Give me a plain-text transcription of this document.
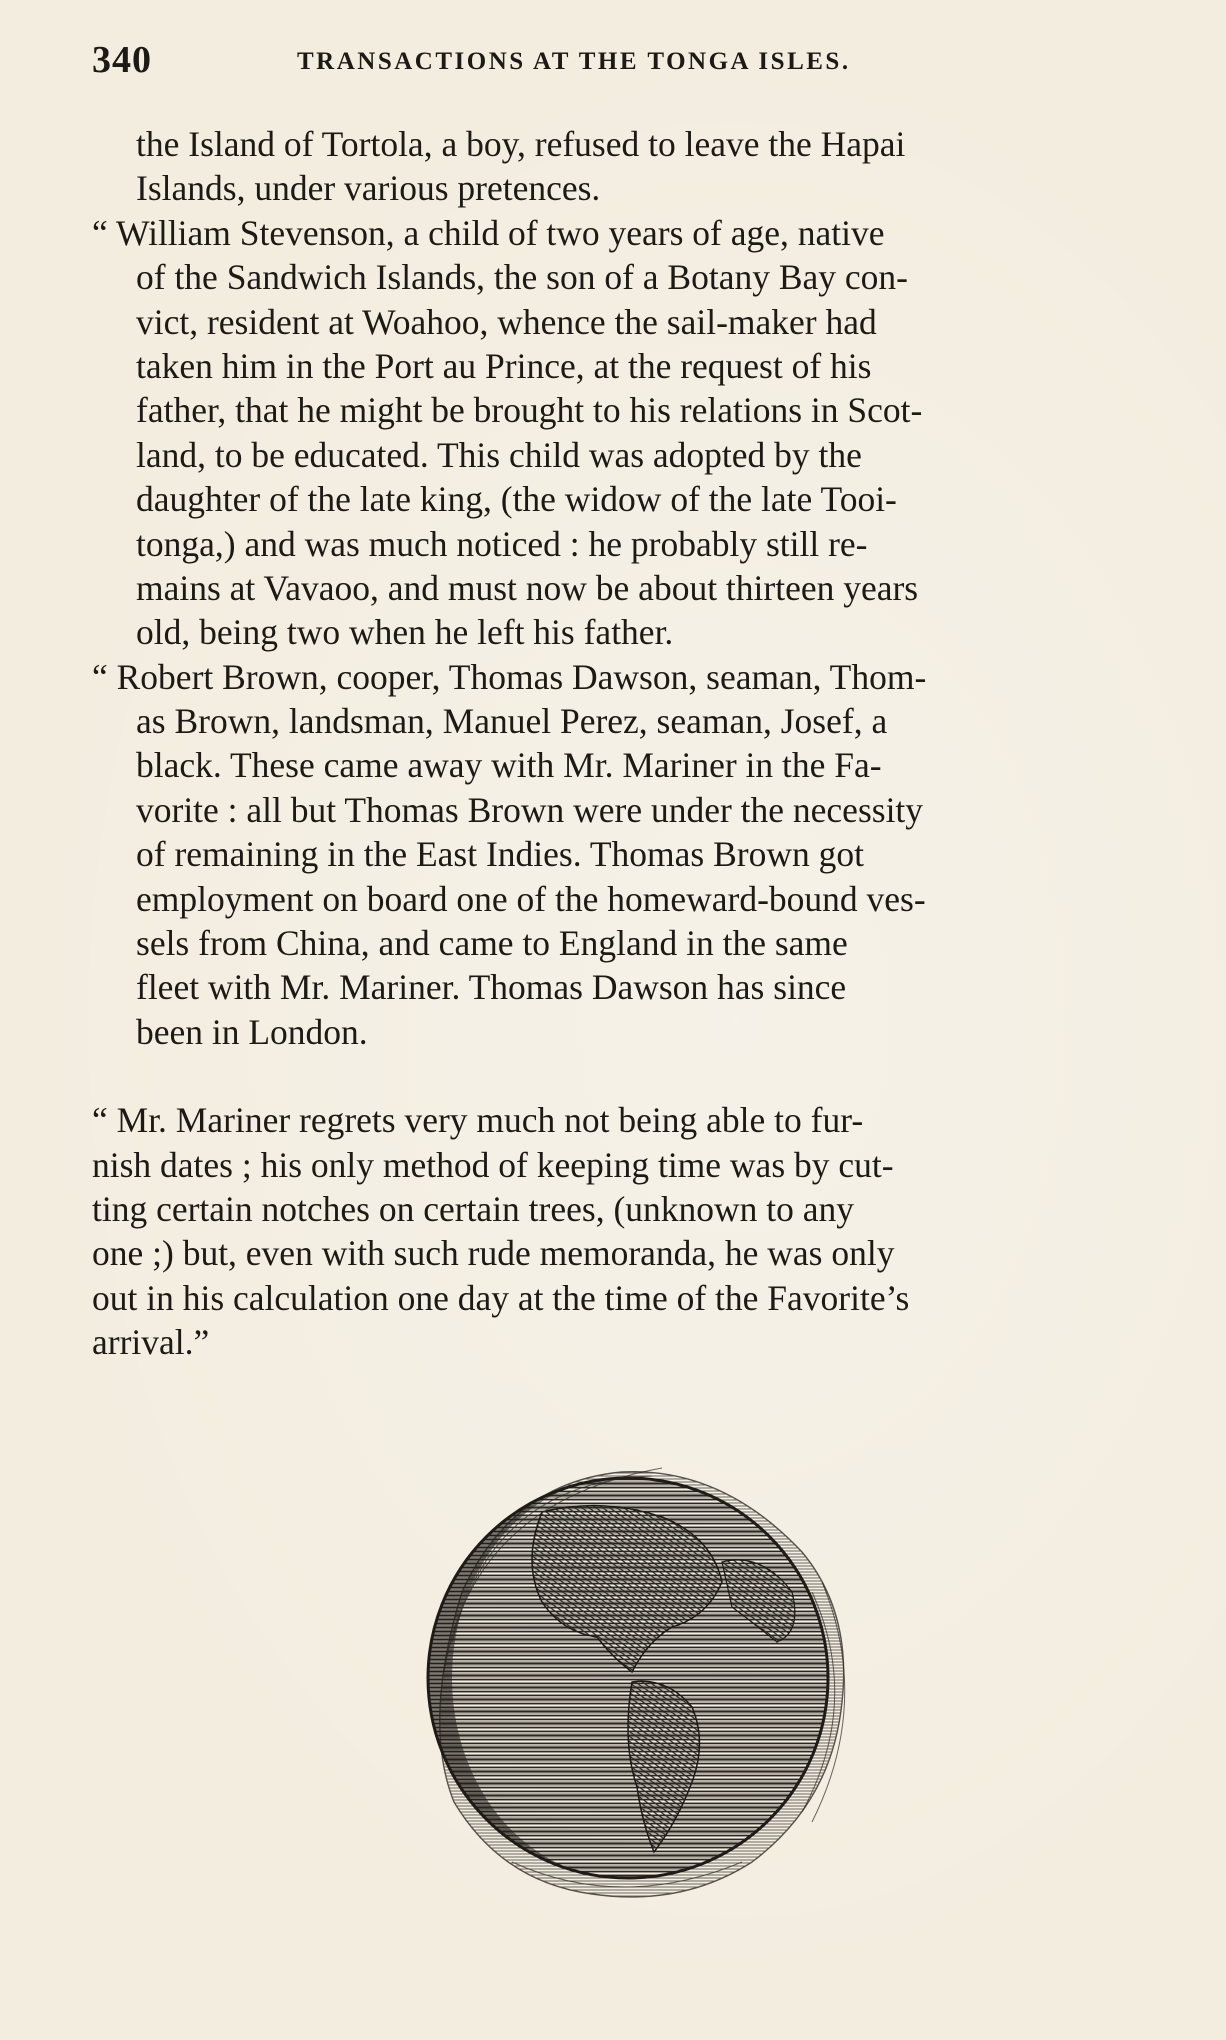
340	TRANSACTIONS AT THE TONGA ISLES.
the Island of Tortola, a boy, refused to leave the Hapai
Islands, under various pretences.
“ William Stevenson, a child of two years of age, native
of the Sandwich Islands, the son of a Botany Bay con-
vict, resident at Woahoo, whence the sail-maker had
taken him in the Port au Prince, at the request of his
father, that he might be brought to his relations in Scot-
land, to be educated. This child was adopted by the
daughter of the late king, (the widow of the late Tooi-
tonga,) and was much noticed : he probably still re-
mains at Vavaoo, and must now be about thirteen years
old, being two when he left his father.
“ Robert Brown, cooper, Thomas Dawson, seaman, Thom-
as Brown, landsman, Manuel Perez, seaman, Josef, a
black. These came away with Mr. Mariner in the Fa-
vorite : all but Thomas Brown were under the necessity
of remaining in the East Indies. Thomas Brown got
employment on board one of the homeward-bound ves-
sels from China, and came to England in the same
fleet with Mr. Mariner. Thomas Dawson has since
been in London.
“ Mr. Mariner regrets very much not being able to fur-
nish dates ; his only method of keeping time was by cut-
ting certain notches on certain trees, (unknown to any
one ;) but, even with such rude memoranda, he was only
out in his calculation one day at the time of the Favorite’s
arrival.”
